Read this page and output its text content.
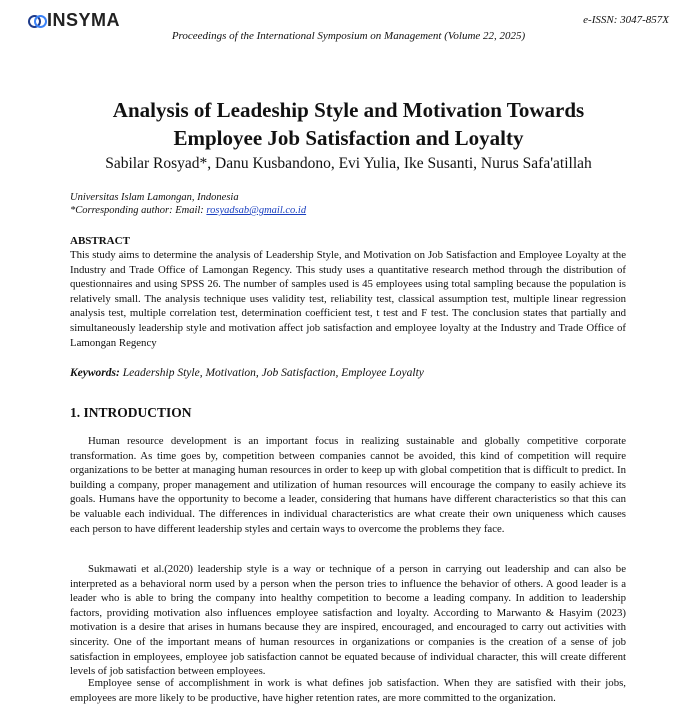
INSYMA	e-ISSN: 3047-857X
Proceedings of the International Symposium on Management (Volume 22, 2025)
Analysis of Leadeship Style and Motivation Towards
Employee Job Satisfaction and Loyalty
Sabilar Rosyad*, Danu Kusbandono, Evi Yulia, Ike Susanti, Nurus Safa'atillah
Universitas Islam Lamongan, Indonesia
*Corresponding author: Email: rosyadsab@gmail.co.id
ABSTRACT
This study aims to determine the analysis of Leadership Style, and Motivation on Job Satisfaction and Employee Loyalty at the Industry and Trade Office of Lamongan Regency. This study uses a quantitative research method through the distribution of questionnaires and using SPSS 26. The number of samples used is 45 employees using total sampling because the population is relatively small. The analysis technique uses validity test, reliability test, classical assumption test, multiple linear regression analysis test, multiple correlation test, determination coefficient test, t test and F test. The conclusion states that partially and simultaneously leadership style and motivation affect job satisfaction and employee loyalty at the Industry and Trade Office of Lamongan Regency
Keywords: Leadership Style, Motivation, Job Satisfaction, Employee Loyalty
1. INTRODUCTION
Human resource development is an important focus in realizing sustainable and globally competitive corporate transformation. As time goes by, competition between companies cannot be avoided, this kind of competition will require organizations to be better at managing human resources in order to keep up with global competition that is difficult to predict. In building a company, proper management and utilization of human resources will encourage the company to easily achieve its goals. Humans have the opportunity to become a leader, considering that humans have different characteristics so that this can be valuable each individual. The differences in individual characteristics are what create their own uniqueness which causes each person to have different leadership styles and certain ways to overcome the problems they face.
Sukmawati et al.(2020) leadership style is a way or technique of a person in carrying out leadership and can also be interpreted as a behavioral norm used by a person when the person tries to influence the behavior of others. A good leader is a leader who is able to bring the company into healthy competition to become a leading company. In addition to leadership factors, providing motivation also influences employee satisfaction and loyalty. According to Marwanto & Hasyim (2023) motivation is a desire that arises in humans because they are inspired, encouraged, and encouraged to carry out activities with sincerity. One of the important means of human resources in organizations or companies is the creation of a sense of job satisfaction in employees, employee job satisfaction cannot be equated because of individual character, this will create different levels of job satisfaction between employees.
Employee sense of accomplishment in work is what defines job satisfaction. When they are satisfied with their jobs, employees are more likely to be productive, have higher retention rates, are more committed to the organization.
